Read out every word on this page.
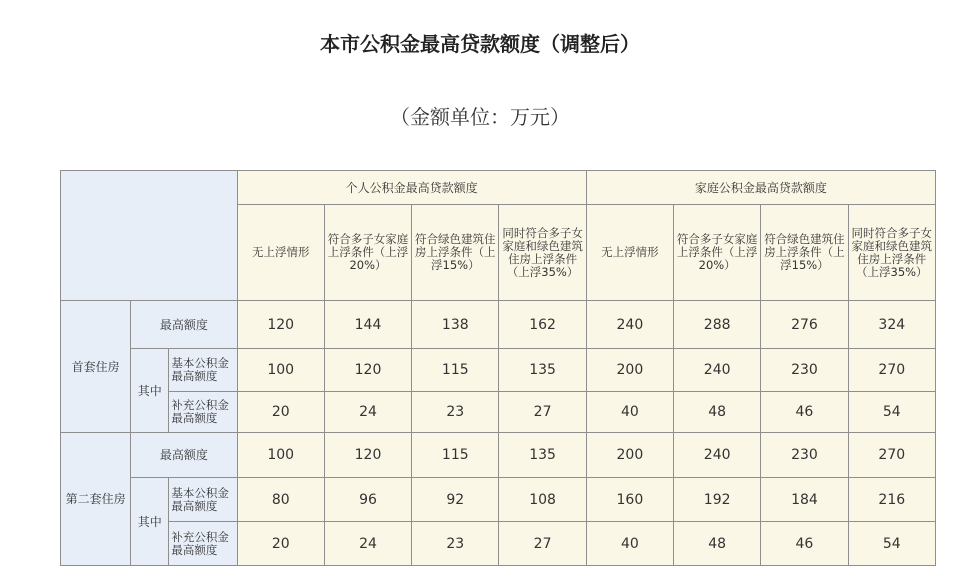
本市公积金最高贷款额度（调整后）
（金额单位：万元）
			个人公积金最高贷款额度				家庭公积金最高贷款额度			
			无上浮情形	符合多子女家庭上浮条件（上浮20%）	符合绿色建筑住房上浮条件（上浮15%）	同时符合多子女家庭和绿色建筑住房上浮条件（上浮35%）	无上浮情形	符合多子女家庭上浮条件（上浮20%）	符合绿色建筑住房上浮条件（上浮15%）	同时符合多子女家庭和绿色建筑住房上浮条件（上浮35%）
首套住房	最高额度		120	144	138	162	240	288	276	324
	其中	基本公积金最高额度	100	120	115	135	200	240	230	270
		补充公积金最高额度	20	24	23	27	40	48	46	54
第二套住房	最高额度		100	120	115	135	200	240	230	270
	其中	基本公积金最高额度	80	96	92	108	160	192	184	216
		补充公积金最高额度	20	24	23	27	40	48	46	54
